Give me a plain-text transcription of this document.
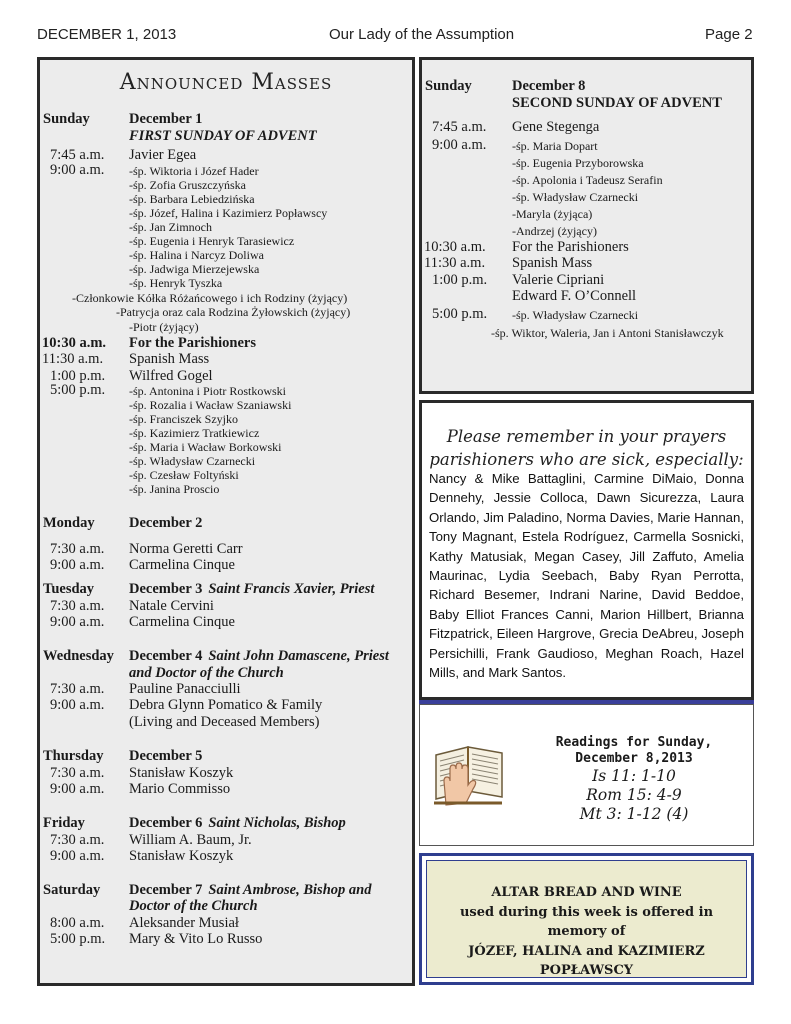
DECEMBER 1, 2013	Our Lady of the Assumption	Page 2
Announced Masses
Sunday	December 1
FIRST SUNDAY OF ADVENT
7:45 a.m. Javier Egea
9:00 a.m. -śp. Wiktoria i Józef Hader
-śp. Zofia Gruszczyńska
-śp. Barbara Lebiedzińska
-śp. Józef, Halina i Kazimierz Popławscy
-śp. Jan Zimnoch
-śp. Eugenia i Henryk Tarasiewicz
-śp. Halina i Narcyz Doliwa
-śp. Jadwiga Mierzejewska
-śp. Henryk Tyszka
-Członkowie Kółka Różańcowego i ich Rodziny (żyjący)
-Patrycja oraz cala Rodzina Żyłowskich (żyjący)
-Piotr (żyjący)
10:30 a.m. For the Parishioners
11:30 a.m. Spanish Mass
1:00 p.m. Wilfred Gogel
5:00 p.m. -śp. Antonina i Piotr Rostkowski
-śp. Rozalia i Wacław Szaniawski
-śp. Franciszek Szyjko
-śp. Kazimierz Tratkiewicz
-śp. Maria i Wacław Borkowski
-śp. Władysław Czarnecki
-śp. Czesław Foltyński
-śp. Janina Proscio
Monday December 2
7:30 a.m. Norma Geretti Carr
9:00 a.m. Carmelina Cinque
Tuesday December 3 Saint Francis Xavier, Priest
7:30 a.m. Natale Cervini
9:00 a.m. Carmelina Cinque
Wednesday December 4 Saint John Damascene, Priest
and Doctor of the Church
7:30 a.m. Pauline Panacciulli
9:00 a.m. Debra Glynn Pomatico & Family
(Living and Deceased Members)
Thursday December 5
7:30 a.m. Stanisław Koszyk
9:00 a.m. Mario Commisso
Friday	December 6 Saint Nicholas, Bishop
7:30 a.m. William A. Baum, Jr.
9:00 a.m. Stanisław Koszyk
Saturday December 7 Saint Ambrose, Bishop and
Doctor of the Church
8:00 a.m. Aleksander Musiał
5:00 p.m. Mary & Vito Lo Russo
Sunday	December 8
SECOND SUNDAY OF ADVENT
7:45 a.m. Gene Stegenga
9:00 a.m. -śp. Maria Dopart
-śp. Eugenia Przyborowska
-śp. Apolonia i Tadeusz Serafin
-śp. Władysław Czarnecki
-Maryla (żyjąca)
-Andrzej (żyjący)
10:30 a.m. For the Parishioners
11:30 a.m. Spanish Mass
1:00 p.m. Valerie Cipriani
Edward F. O’Connell
5:00 p.m. -śp. Władysław Czarnecki
-śp. Wiktor, Waleria, Jan i Antoni Stanisławczyk
Please remember in your prayers
parishioners who are sick, especially:
Nancy & Mike Battaglini, Carmine DiMaio, Donna Dennehy, Jessie Colloca, Dawn Sicurezza, Laura Orlando, Jim Paladino, Norma Davies, Marie Hannan, Tony Magnant, Estela Rodríguez, Carmella Sosnicki, Kathy Matusiak, Megan Casey, Jill Zaffuto, Amelia Maurinac, Lydia Seebach, Baby Ryan Perrotta, Richard Besemer, Indrani Narine, David Beddoe, Baby Elliot Frances Canni, Marion Hillbert, Brianna Fitzpatrick, Eileen Hargrove, Grecia DeAbreu, Joseph Persichilli, Frank Gaudioso, Meghan Roach, Hazel Mills, and Mark Santos.
Readings for Sunday,
December 8,2013
Is 11: 1-10
Rom 15: 4-9
Mt 3: 1-12 (4)
ALTAR BREAD AND WINE
used during this week is offered in
memory of
JÓZEF, HALINA and KAZIMIERZ
POPŁAWSCY
